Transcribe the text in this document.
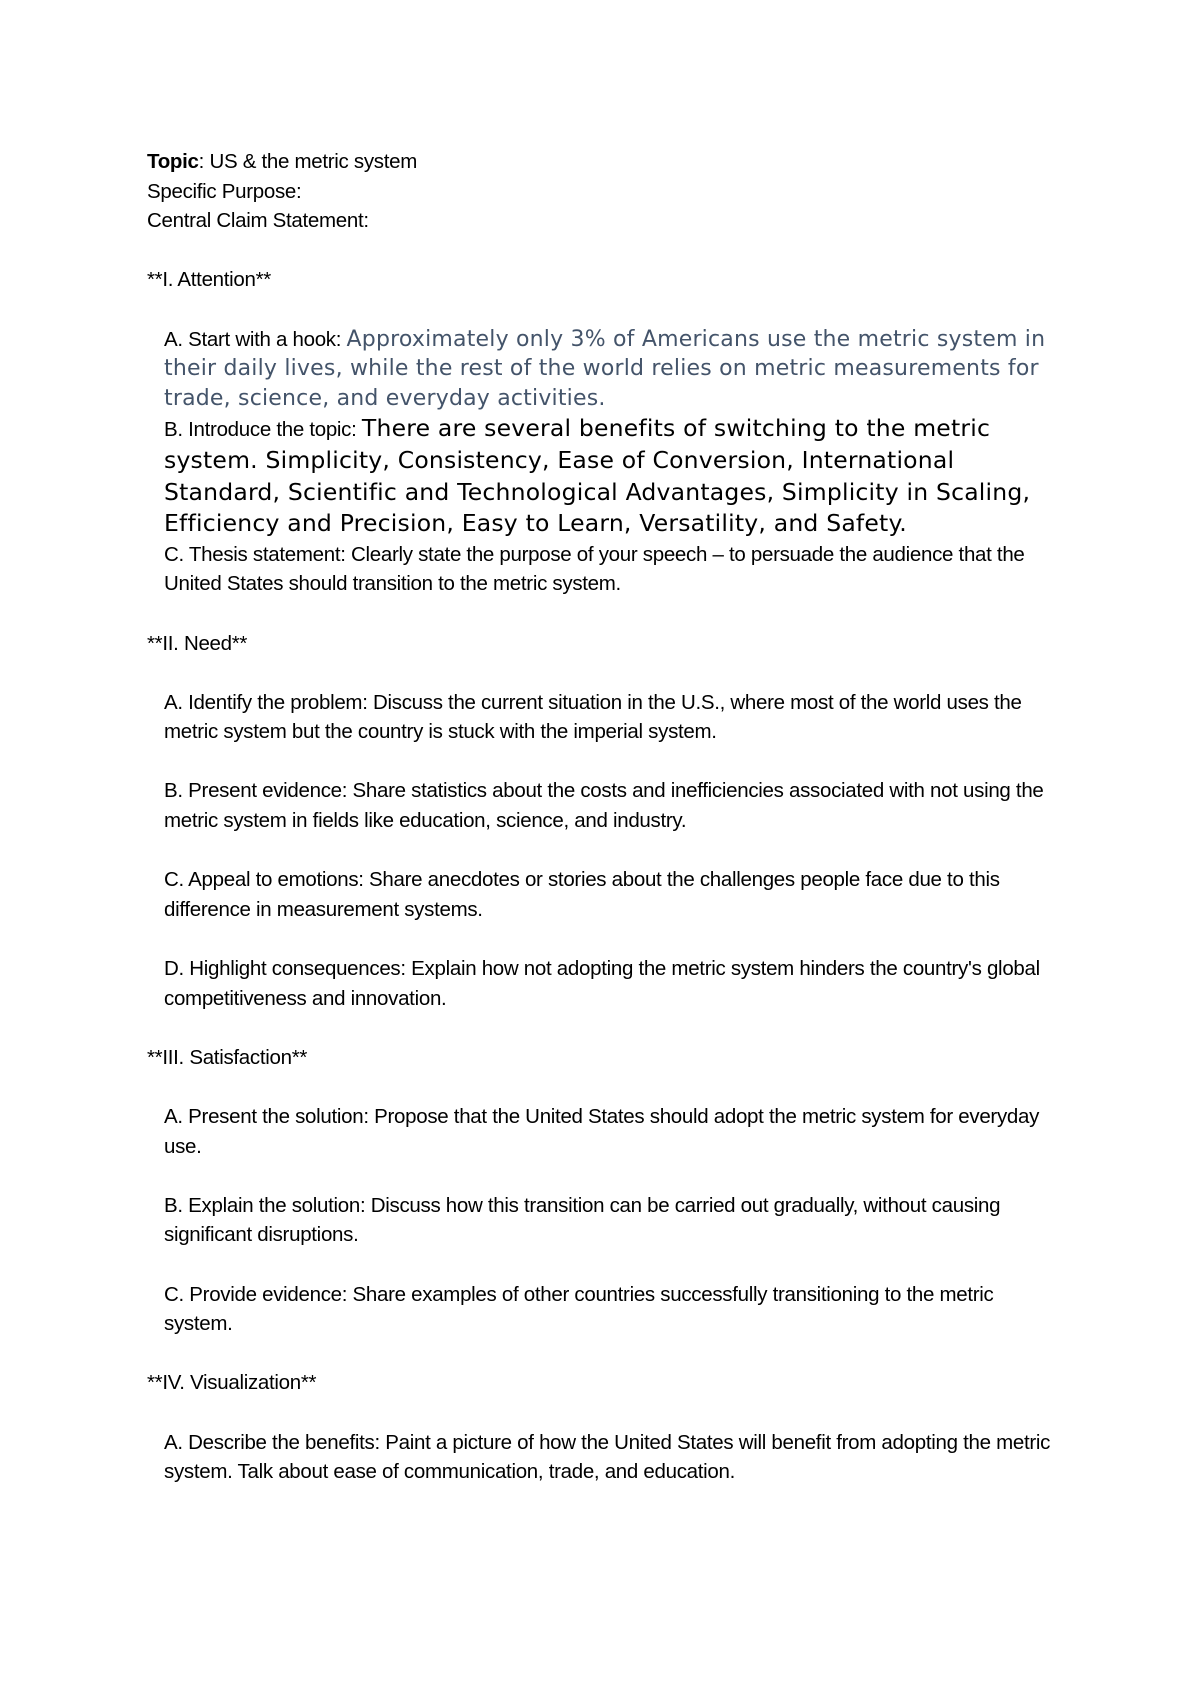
Topic: US & the metric system

Specific Purpose:

Central Claim Statement:

**I. Attention**

A. Start with a hook: Approximately only 3% of Americans use the metric system in their daily lives, while the rest of the world relies on metric measurements for trade, science, and everyday activities.

B. Introduce the topic: There are several benefits of switching to the metric system. Simplicity, Consistency, Ease of Conversion, International Standard, Scientific and Technological Advantages, Simplicity in Scaling, Efficiency and Precision, Easy to Learn, Versatility, and Safety.

C. Thesis statement: Clearly state the purpose of your speech – to persuade the audience that the United States should transition to the metric system.

**II. Need**

A. Identify the problem: Discuss the current situation in the U.S., where most of the world uses the metric system but the country is stuck with the imperial system.

B. Present evidence: Share statistics about the costs and inefficiencies associated with not using the metric system in fields like education, science, and industry.

C. Appeal to emotions: Share anecdotes or stories about the challenges people face due to this difference in measurement systems.

D. Highlight consequences: Explain how not adopting the metric system hinders the country's global competitiveness and innovation.

**III. Satisfaction**

A. Present the solution: Propose that the United States should adopt the metric system for everyday use.

B. Explain the solution: Discuss how this transition can be carried out gradually, without causing significant disruptions.

C. Provide evidence: Share examples of other countries successfully transitioning to the metric system.

**IV. Visualization**

A. Describe the benefits: Paint a picture of how the United States will benefit from adopting the metric system. Talk about ease of communication, trade, and education.
